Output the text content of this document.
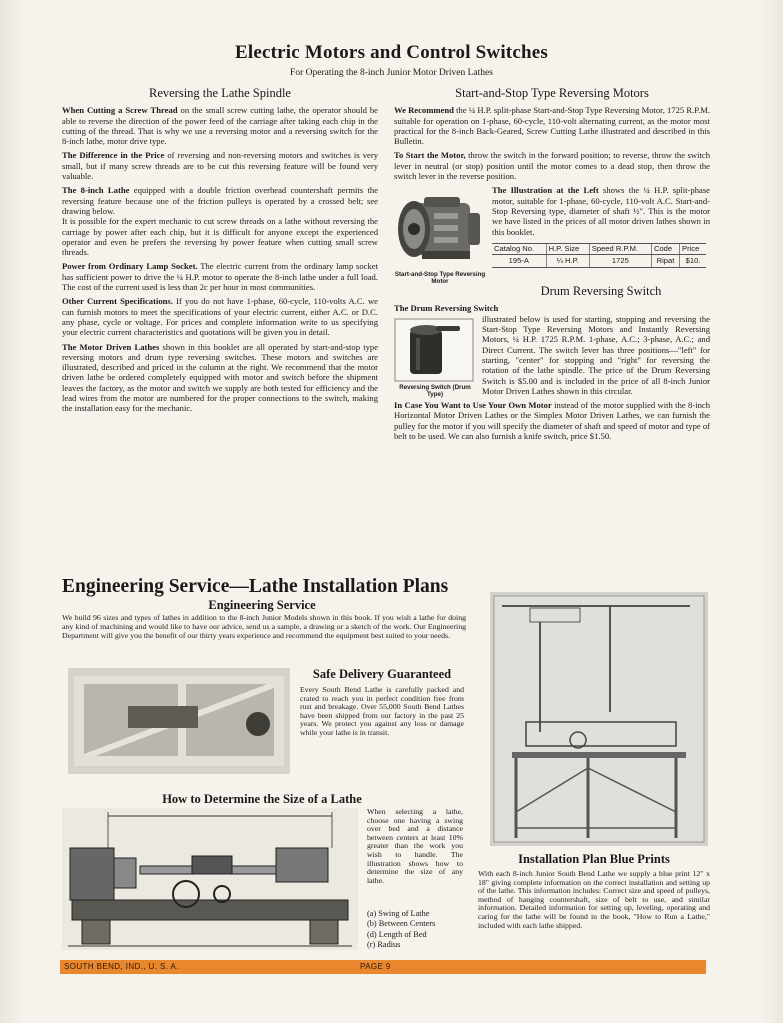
Electric Motors and Control Switches
For Operating the 8-inch Junior Motor Driven Lathes
Reversing the Lathe Spindle

When Cutting a Screw Thread on the small screw cutting lathe, the operator should be able to reverse the direction of the power feed of the carriage after taking each chip in the cutting of the thread. That is why we use a reversing motor and a reversing switch for the 8-inch lathe, motor drive type.

The Difference in the Price of reversing and non-reversing motors and switches is very small, but if many screw threads are to be cut this reversing feature will be found very valuable.

The 8-inch Lathe equipped with a double friction overhead countershaft permits the reversing feature because one of the friction pulleys is operated by a crossed belt; see drawing below.
It is possible for the expert mechanic to cut screw threads on a lathe without reversing the carriage by power after each chip, but it is difficult for anyone except the experienced operator and even he prefers the reversing by power feature when cutting small screw threads.

Power from Ordinary Lamp Socket. The electric current from the ordinary lamp socket has sufficient power to drive the ¼ H.P. motor to operate the 8-inch lathe under a full load. The cost of the current used is less than 2c per hour in most communities.

Other Current Specifications. If you do not have 1-phase, 60-cycle, 110-volts A.C. we can furnish motors to meet the specifications of your electric current, either A.C. or D.C. any phase, cycle or voltage. For prices and complete information write to us specifying your electric current characteristics and quotations will be given you in detail.

The Motor Driven Lathes shown in this booklet are all operated by start-and-stop type reversing motors and drum type reversing switches. These motors and switches are illustrated, described and priced in the column at the right. We recommend that the motor driven lathe be ordered completely equipped with motor and switch before the shipment leaves the factory, as the motor and switch we supply are both tested for efficiency and the lead wires from the motor are numbered for the proper connections to the switch, making the installation easy for the mechanic.

Start-and-Stop Type Reversing Motors

We Recommend the ¼ H.P. split-phase Start-and-Stop Type Reversing Motor, 1725 R.P.M. suitable for operation on 1-phase, 60-cycle, 110-volt alternating current, as the motor most practical for the 8-inch Back-Geared, Screw Cutting Lathe illustrated and described in this Bulletin.

To Start the Motor, throw the switch in the forward position; to reverse, throw the switch lever in neutral (or stop) position until the motor comes to a dead stop, then throw the switch lever in the reverse position.

Start-and-Stop Type Reversing Motor

The Illustration at the Left shows the ¼ H.P. split-phase motor, suitable for 1-phase, 60-cycle, 110-volt A.C. Start-and-Stop Reversing type, diameter of shaft ½". This is the motor we have listed in the prices of all motor driven lathes shown in this booklet.

Catalog No.	H.P. Size	Speed R.P.M.	Code	Price
195-A	¼ H.P.	1725	Ripat	$10.
Drum Reversing Switch

The Drum Reversing Switch

Reversing Switch (Drum Type)

illustrated below is used for starting, stopping and reversing the Start-Stop Type Reversing Motors and Instantly Reversing Motors, ¼ H.P. 1725 R.P.M. 1-phase, A.C.; 3-phase, A.C.; and Direct Current. The switch lever has three positions—"left" for starting, "center" for stopping and "right" for reversing the rotation of the lathe spindle. The price of the Drum Reversing Switch is $5.00 and is included in the price of all 8-inch Junior Motor Driven Lathes shown in this circular.

In Case You Want to Use Your Own Motor instead of the motor supplied with the 8-inch Horizontal Motor Driven Lathes or the Simplex Motor Driven Lathes, we can furnish the pulley for the motor if you will specify the diameter of shaft and speed of motor and type of belt to be used. We can also furnish a knife switch, price $1.50.

Engineering Service—Lathe Installation Plans
Engineering Service
We build 96 sizes and types of lathes in addition to the 8-inch Junior Models shown in this book. If you wish a lathe for doing any kind of machining and would like to have our advice, send us a sample, a drawing or a sketch of the work. Our Engineering Department will give you the benefit of our thirty years experience and recommend the equipment best suited to your needs.
Safe Delivery Guaranteed
Every South Bend Lathe is carefully packed and crated to reach you in perfect condition free from rust and breakage. Over 55,000 South Bend Lathes have been shipped from our factory in the past 25 years. We protect you against any loss or damage while your lathe is in transit.
How to Determine the Size of a Lathe
When selecting a lathe, choose one having a swing over bed and a distance between centers at least 10% greater than the work you wish to handle. The illustration shows how to determine the size of any lathe.
(a) Swing of Lathe
(b) Between Centers
(d) Length of Bed
(r) Radius
Installation Plan Blue Prints
With each 8-inch Junior South Bend Lathe we supply a blue print 12" x 18" giving complete information on the correct installation and setting up of the lathe. This information includes: Correct size and speed of pulleys, method of hanging countershaft, size of belt to use, and similar information. Detailed information for setting up, leveling, operating and caring for the lathe will be found in the book, "How to Run a Lathe," included with each lathe shipped.
SOUTH BEND, IND., U. S. A.	PAGE 9
